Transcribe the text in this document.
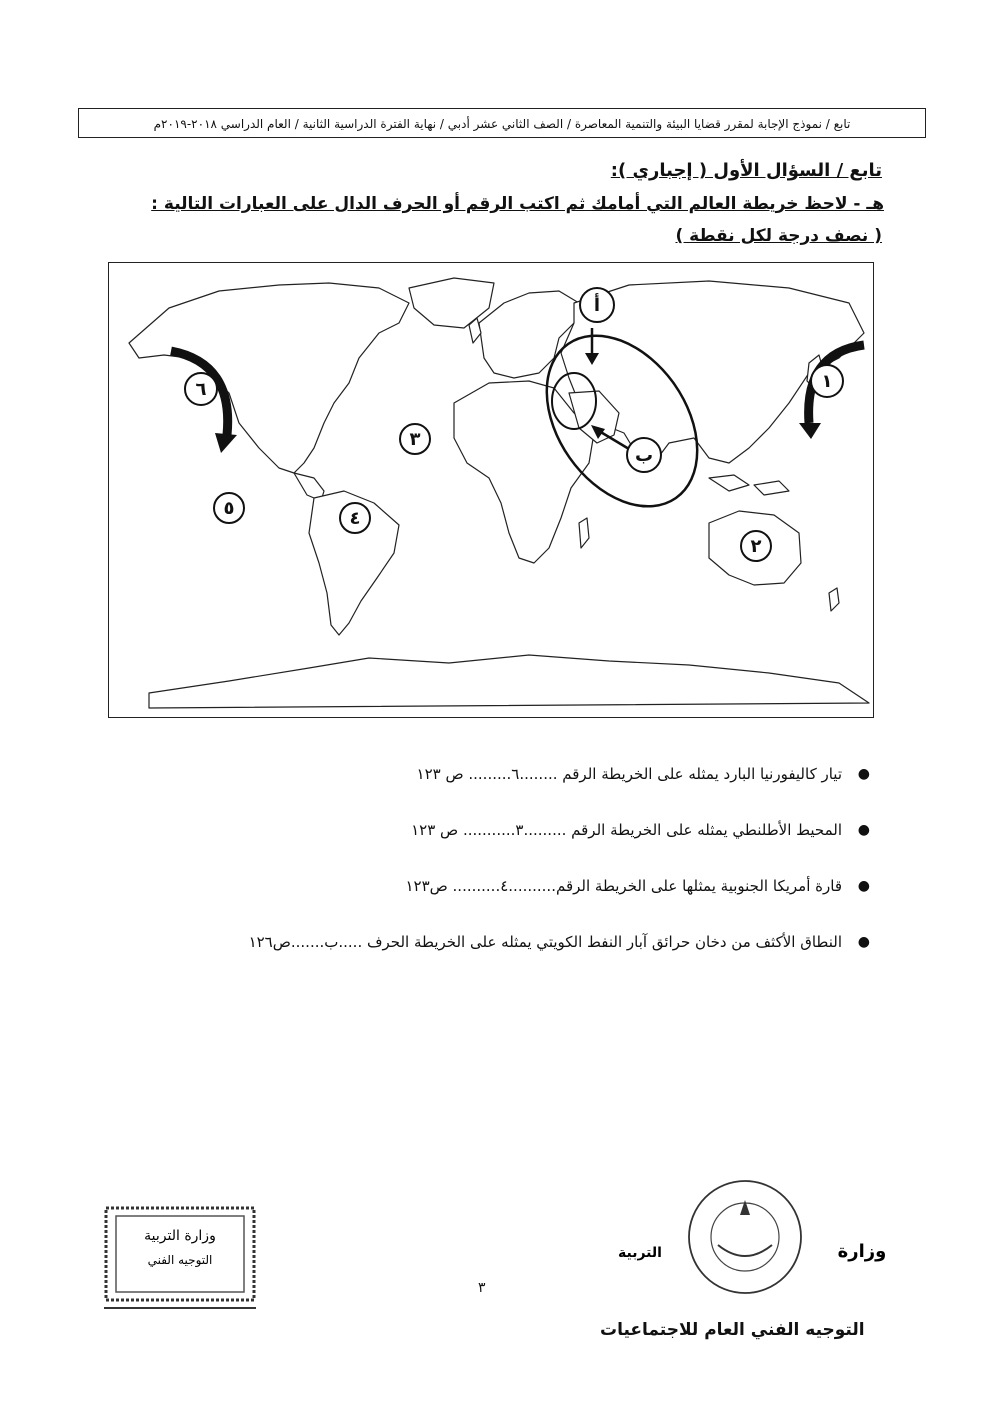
تابع / نموذج الإجابة لمقرر قضايا البيئة والتنمية المعاصرة / الصف الثاني عشر أدبي / نهاية الفترة الدراسية الثانية / العام الدراسي ٢٠١٨-٢٠١٩م
تابع / السؤال الأول ( إجباري ):
هـ - لاحظ خريطة العالم التي أمامك ثم اكتب الرقم أو الحرف الدال على العبارات التالية :
( نصف درجة لكل نقطة )
أ
ب
١
٢
٣
٤
٥
٦
●
تيار كاليفورنيا البارد يمثله على الخريطة الرقم ........٦......... ص ١٢٣
●
المحيط الأطلنطي يمثله على الخريطة الرقم .........٣........... ص ١٢٣
●
قارة أمريكا الجنوبية يمثلها على الخريطة الرقم..........٤.......... ص١٢٣
●
النطاق الأكثف من دخان حرائق آبار النفط الكويتي يمثله على الخريطة الحرف .....ب.......ص١٢٦
وزارة التربية
التوجيه الفني
٣
وزارة
التربية
التوجيه الفني العام للاجتماعيات
